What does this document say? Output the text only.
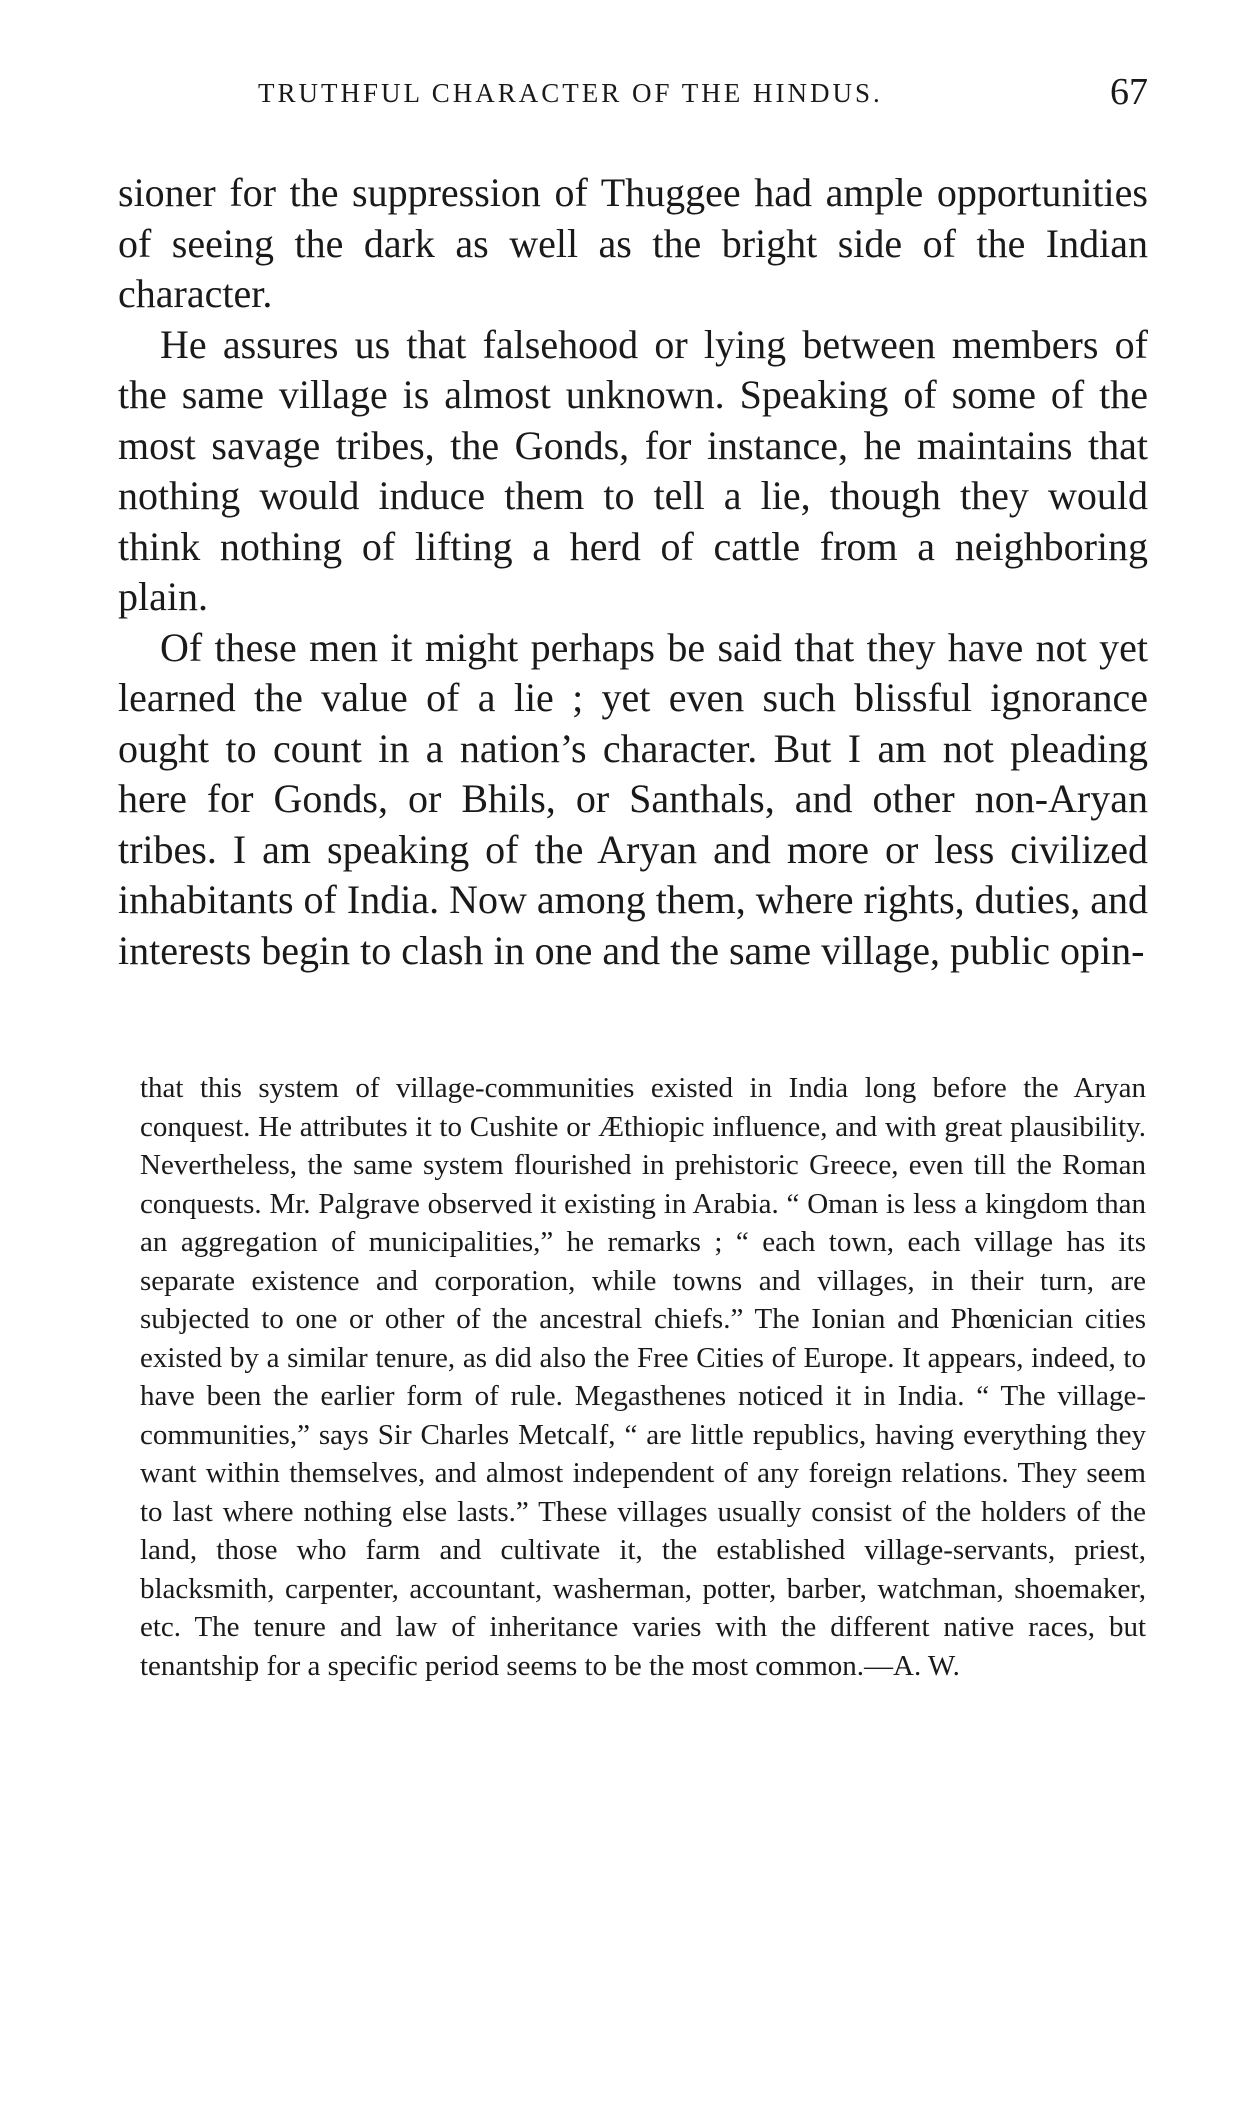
TRUTHFUL CHARACTER OF THE HINDUS.	67

sioner for the suppression of Thuggee had ample opportunities of seeing the dark as well as the bright side of the Indian character.

He assures us that falsehood or lying between members of the same village is almost unknown. Speaking of some of the most savage tribes, the Gonds, for instance, he maintains that nothing would induce them to tell a lie, though they would think nothing of lifting a herd of cattle from a neighboring plain.

Of these men it might perhaps be said that they have not yet learned the value of a lie ; yet even such blissful ignorance ought to count in a nation’s character. But I am not pleading here for Gonds, or Bhils, or Santhals, and other non-Aryan tribes. I am speaking of the Aryan and more or less civilized inhabitants of India. Now among them, where rights, duties, and interests begin to clash in one and the same village, public opin-

that this system of village-communities existed in India long before the Aryan conquest. He attributes it to Cushite or Æthiopic influence, and with great plausibility. Nevertheless, the same system flourished in prehistoric Greece, even till the Roman conquests. Mr. Palgrave observed it existing in Arabia. “ Oman is less a kingdom than an aggregation of municipalities,” he remarks ; “ each town, each village has its separate existence and corporation, while towns and villages, in their turn, are subjected to one or other of the ancestral chiefs.” The Ionian and Phœnician cities existed by a similar tenure, as did also the Free Cities of Europe. It appears, indeed, to have been the earlier form of rule. Megasthenes noticed it in India. “ The village-communities,” says Sir Charles Metcalf, “ are little republics, having everything they want within themselves, and almost independent of any foreign relations. They seem to last where nothing else lasts.” These villages usually consist of the holders of the land, those who farm and cultivate it, the established village-servants, priest, blacksmith, carpenter, accountant, washerman, potter, barber, watchman, shoemaker, etc. The tenure and law of inheritance varies with the different native races, but tenantship for a specific period seems to be the most common.—A. W.
